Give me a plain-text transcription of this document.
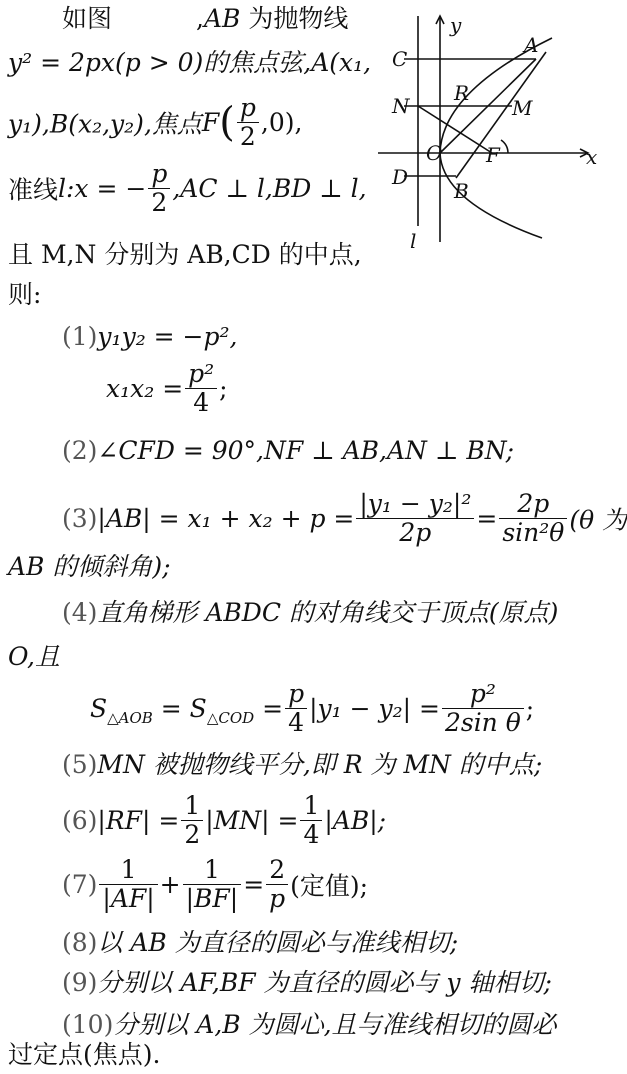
如图	,AB 为抛物线
y² = 2px(p > 0)的焦点弦,A(x₁,
y₁),B(x₂,y₂),焦点$F( \frac{p}{2} ,0)$,
准线l:x = − $\frac{p}{2} ,AC$ ⊥ l,BD ⊥ l,
且 M,N 分别为 AB,CD 的中点,
则:
y
C
A
R
N	M
O F	x
D
B
l
(1)y₁y₂ = −p²,
$x_1x_2 = \frac{\text{p²}}{4}$ ;
(2)∠CFD = 90°,NF ⊥ AB,AN ⊥ BN;
$(3)|AB| = x_1 + x_2 + p = \frac{\text{|y₁ − y₂|²}}{2p} = \frac{2p}{\text{sin²θ}} (\theta$ 为
AB 的倾斜角);
(4)直角梯形 ABDC 的对角线交于顶点(原点)
O,且
$S_{\triangle AOB} = S_{\triangle COD} = \frac{p}{4} |y_1 - y_2| = \frac{\text{p²}}{\text{2sin θ}}$ ;
(5)MN 被抛物线平分,即 R 为 MN 的中点;
$(6)|RF| = \frac{1}{2} |MN| = \frac{1}{4} |AB|$;
$(7) \frac{1}{|AF|} + \frac{1}{|BF|} = \frac{2}{p}$ (定值);
(8)以 AB 为直径的圆必与准线相切;
(9)分别以 AF,BF 为直径的圆必与 y 轴相切;
(10)分别以 A,B 为圆心,且与准线相切的圆必
过定点(焦点).
